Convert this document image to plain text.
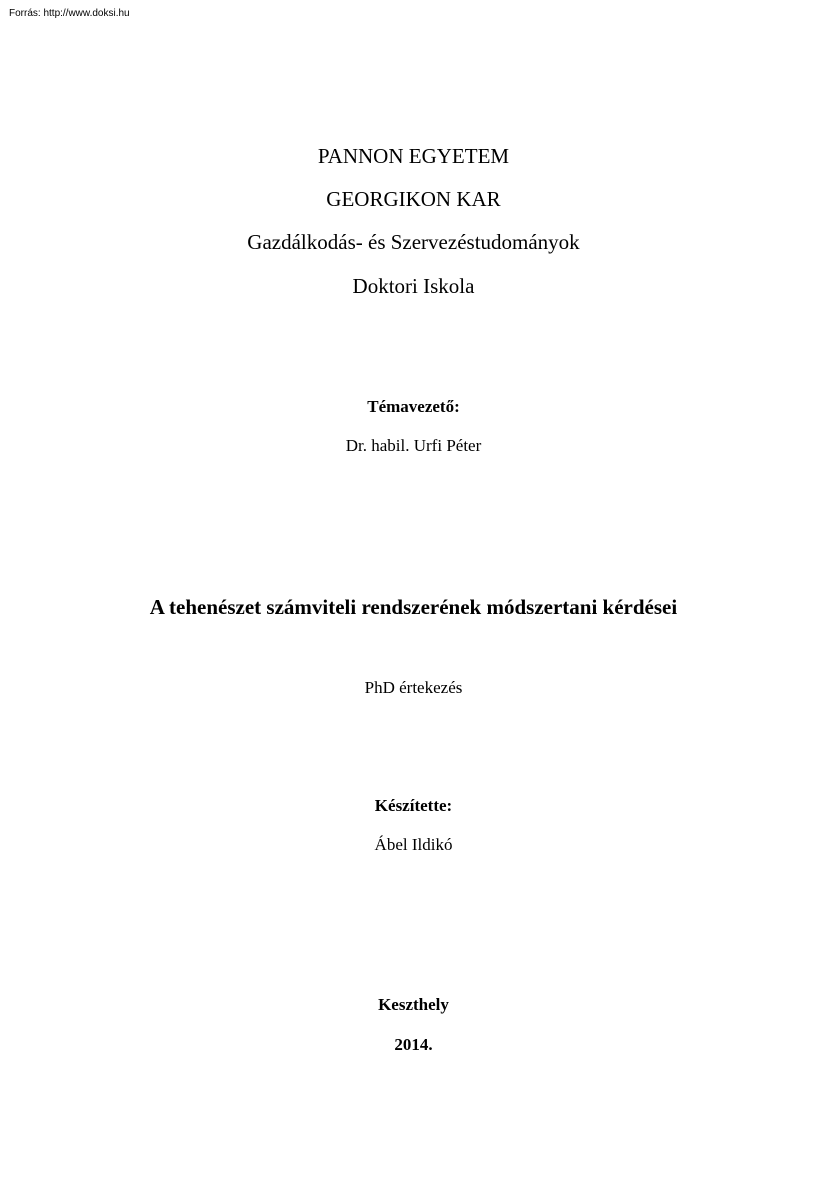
Forrás: http://www.doksi.hu
PANNON EGYETEM
GEORGIKON KAR
Gazdálkodás- és Szervezéstudományok
Doktori Iskola
Témavezető:
Dr. habil. Urfi Péter
A tehenészet számviteli rendszerének módszertani kérdései
PhD értekezés
Készítette:
Ábel Ildikó
Keszthely
2014.
